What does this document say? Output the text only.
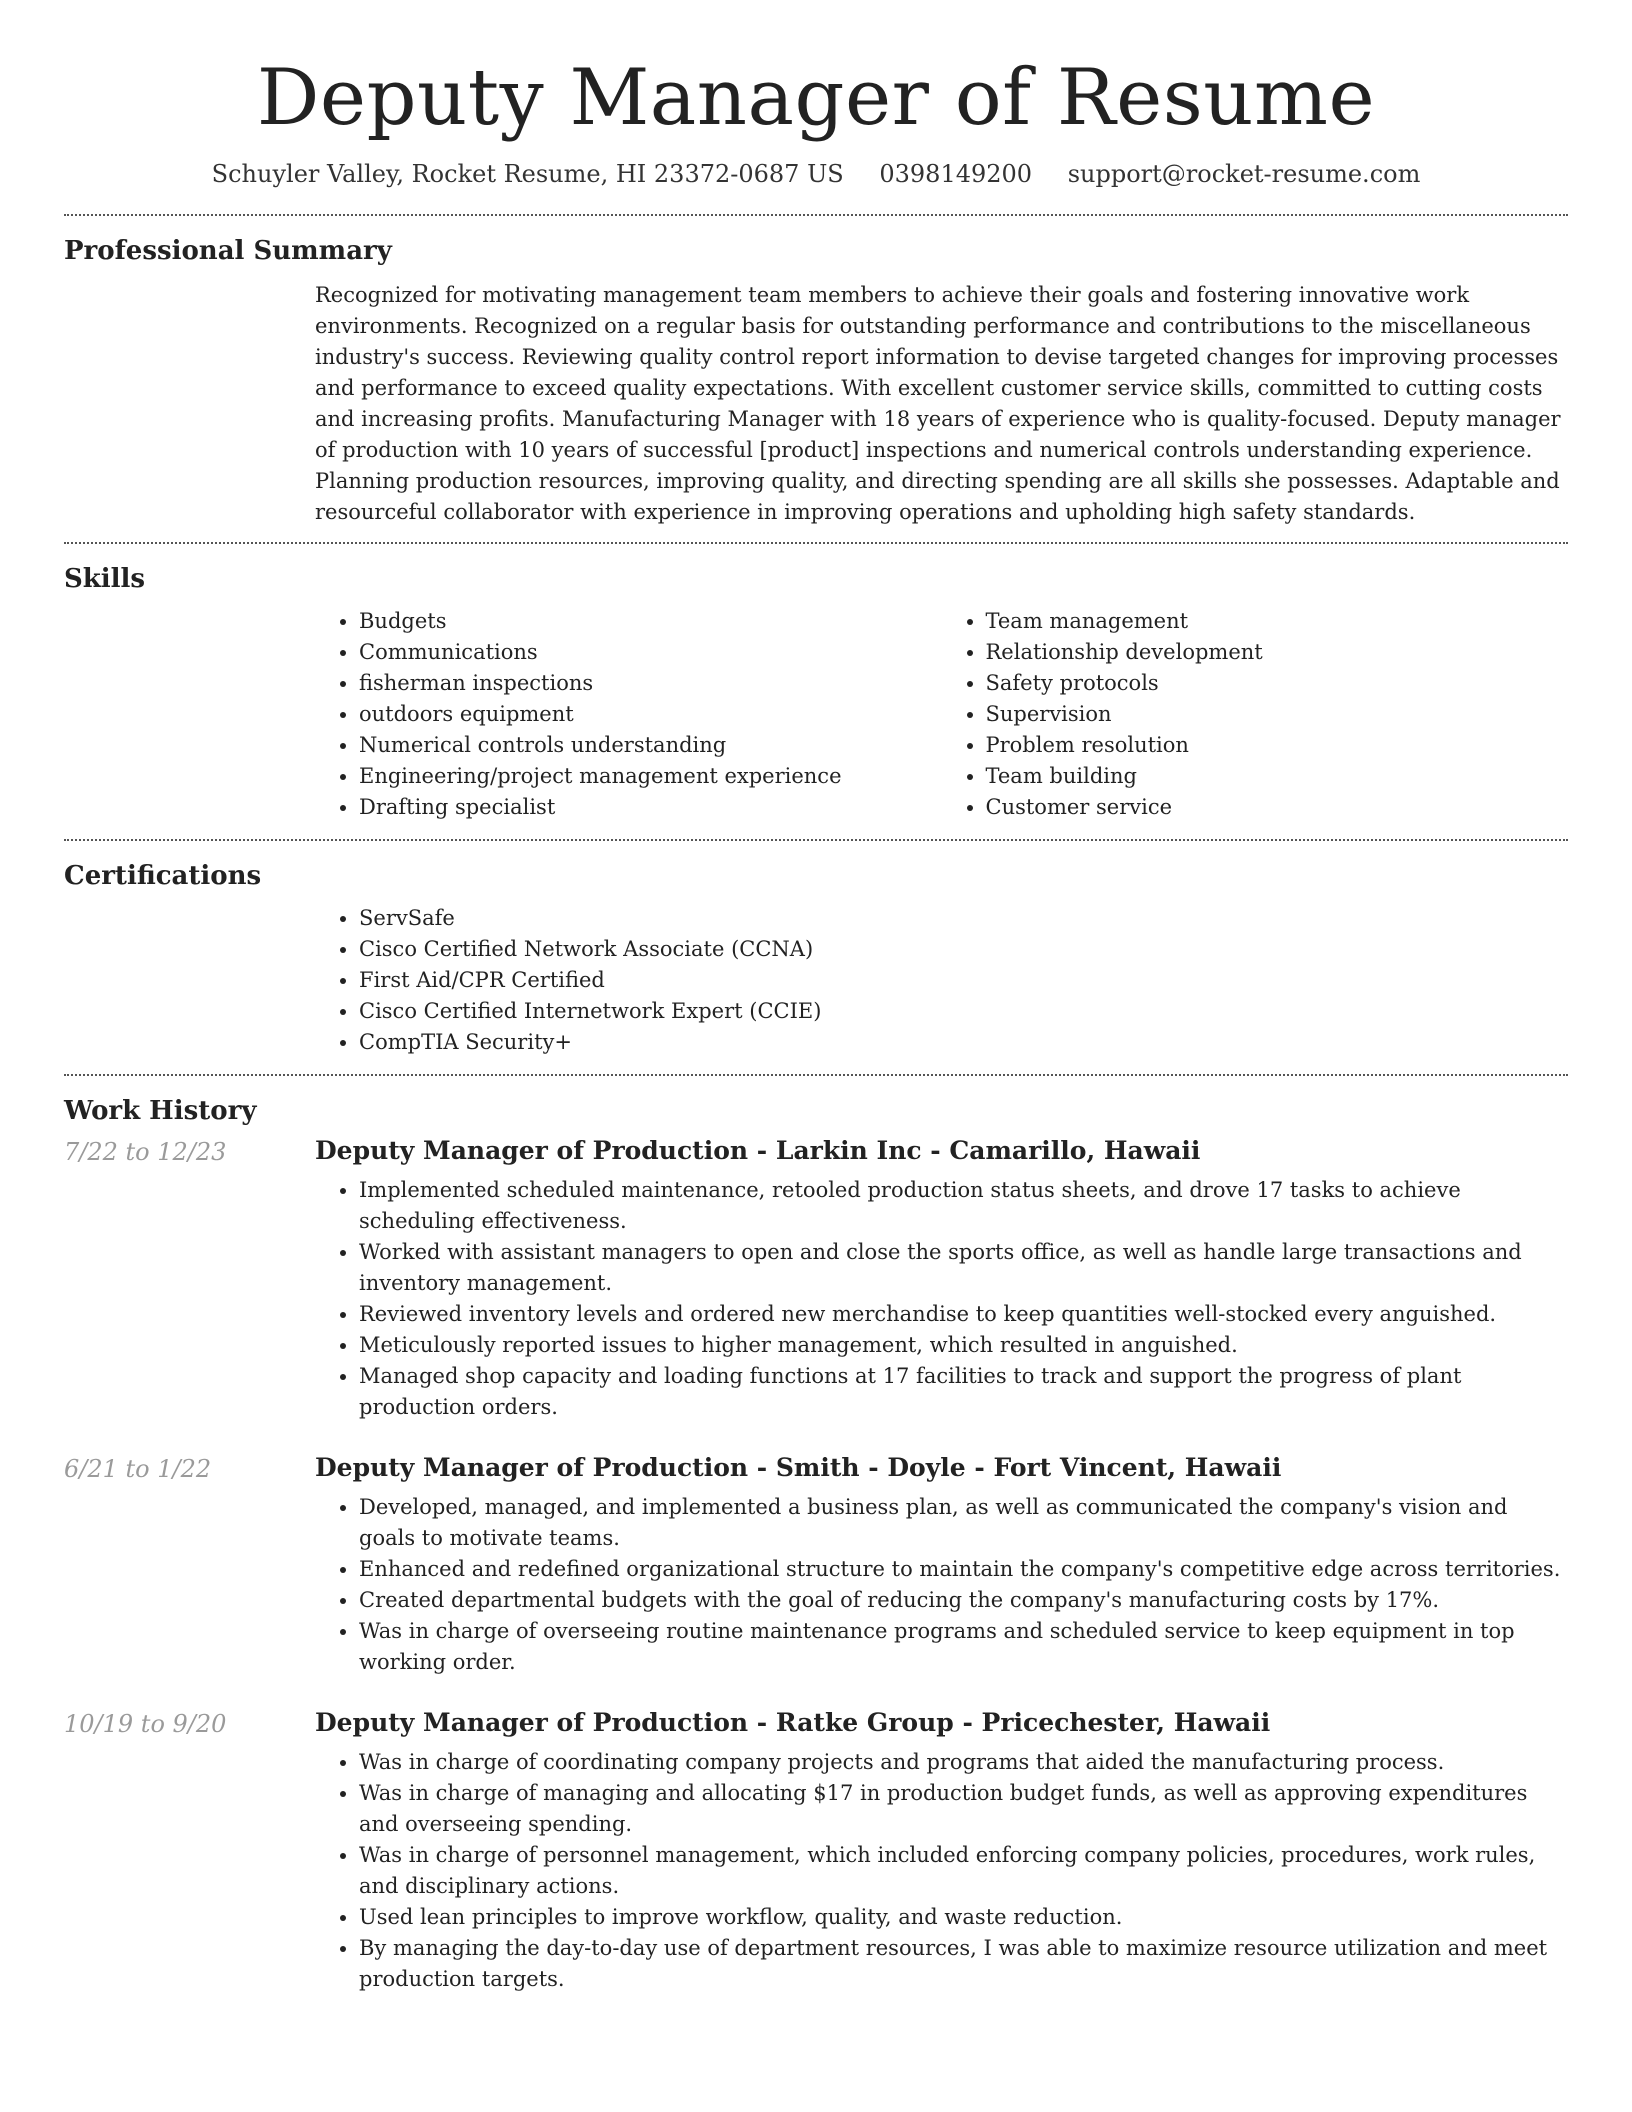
Deputy Manager of Resume
Schuyler Valley, Rocket Resume, HI 23372-0687 US 0398149200 support@rocket-resume.com
Professional Summary
Recognized for motivating management team members to achieve their goals and fostering innovative work environments. Recognized on a regular basis for outstanding performance and contributions to the miscellaneous industry's success. Reviewing quality control report information to devise targeted changes for improving processes and performance to exceed quality expectations. With excellent customer service skills, committed to cutting costs and increasing profits. Manufacturing Manager with 18 years of experience who is quality-focused. Deputy manager of production with 10 years of successful [product] inspections and numerical controls understanding experience. Planning production resources, improving quality, and directing spending are all skills she possesses. Adaptable and resourceful collaborator with experience in improving operations and upholding high safety standards.
Skills
• Budgets
• Communications
• fisherman inspections
• outdoors equipment
• Numerical controls understanding
• Engineering/project management experience
• Drafting specialist
• Team management
• Relationship development
• Safety protocols
• Supervision
• Problem resolution
• Team building
• Customer service
Certifications
• ServSafe
• Cisco Certified Network Associate (CCNA)
• First Aid/CPR Certified
• Cisco Certified Internetwork Expert (CCIE)
• CompTIA Security+
Work History
7/22 to 12/23	Deputy Manager of Production - Larkin Inc - Camarillo, Hawaii
• Implemented scheduled maintenance, retooled production status sheets, and drove 17 tasks to achieve scheduling effectiveness.
• Worked with assistant managers to open and close the sports office, as well as handle large transactions and inventory management.
• Reviewed inventory levels and ordered new merchandise to keep quantities well-stocked every anguished.
• Meticulously reported issues to higher management, which resulted in anguished.
• Managed shop capacity and loading functions at 17 facilities to track and support the progress of plant production orders.
6/21 to 1/22	Deputy Manager of Production - Smith - Doyle - Fort Vincent, Hawaii
• Developed, managed, and implemented a business plan, as well as communicated the company's vision and goals to motivate teams.
• Enhanced and redefined organizational structure to maintain the company's competitive edge across territories.
• Created departmental budgets with the goal of reducing the company's manufacturing costs by 17%.
• Was in charge of overseeing routine maintenance programs and scheduled service to keep equipment in top working order.
10/19 to 9/20	Deputy Manager of Production - Ratke Group - Pricechester, Hawaii
• Was in charge of coordinating company projects and programs that aided the manufacturing process.
• Was in charge of managing and allocating $17 in production budget funds, as well as approving expenditures and overseeing spending.
• Was in charge of personnel management, which included enforcing company policies, procedures, work rules, and disciplinary actions.
• Used lean principles to improve workflow, quality, and waste reduction.
• By managing the day-to-day use of department resources, I was able to maximize resource utilization and meet production targets.
